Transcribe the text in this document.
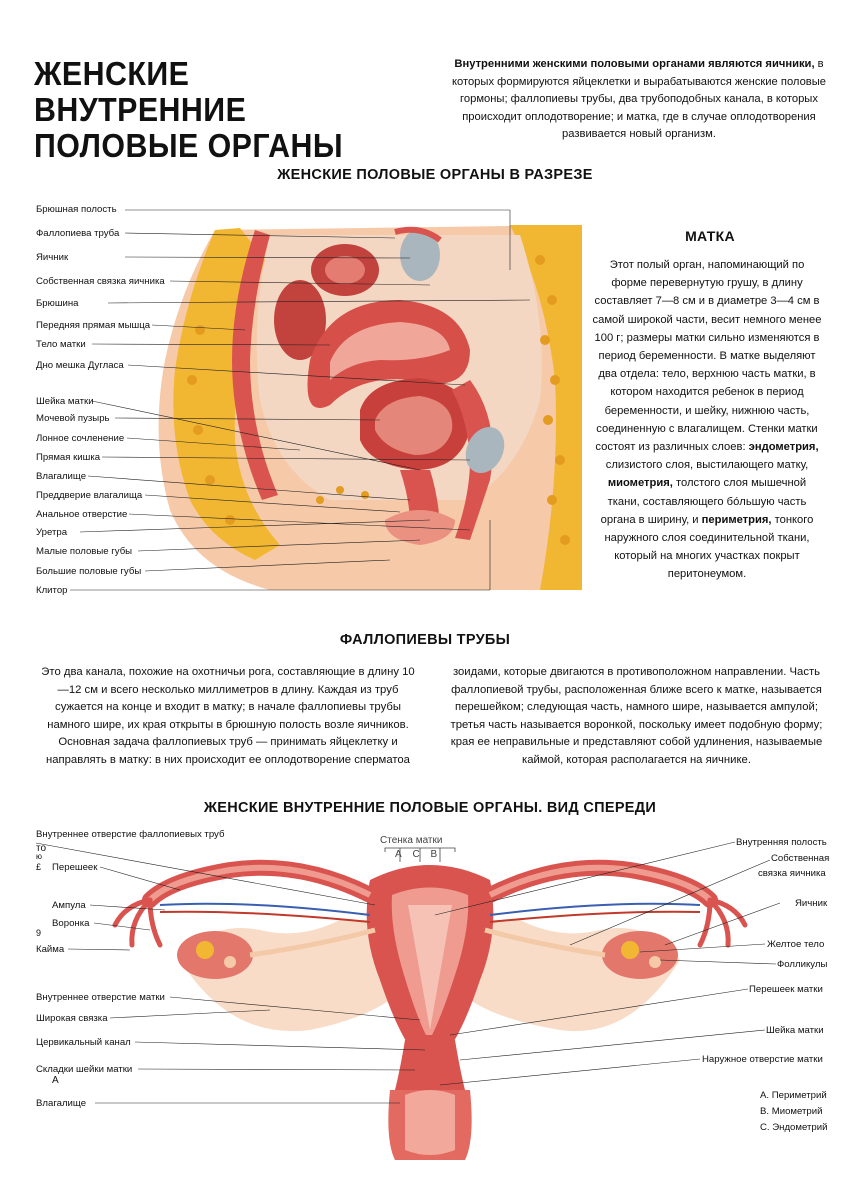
ЖЕНСКИЕ ВНУТРЕННИЕ
ПОЛОВЫЕ ОРГАНЫ
Внутренними женскими половыми органами являются яичники, в которых формируются яйцеклетки и вырабатываются женские половые гормоны; фаллопиевы трубы, два трубоподобных канала, в которых происходит оплодотворение; и матка, где в случае оплодотворения развивается новый организм.
ЖЕНСКИЕ ПОЛОВЫЕ ОРГАНЫ В РАЗРЕЗЕ
Брюшная полость
Фаллопиева труба
Яичник
Собственная связка яичника
Брюшина
Передняя прямая мышца
Тело матки
Дно мешка Дугласа
Шейка матки
Мочевой пузырь
Лонное сочленение
Прямая кишка
Влагалище
Преддверие влагалища
Анальное отверстие
Уретра
Малые половые губы
Большие половые губы
Клитор
МАТКА
Этот полый орган, напоминающий по форме перевернутую грушу, в длину составляет 7—8 см и в диаметре 3—4 см в самой широкой части, весит немного менее 100 г; размеры матки сильно изменяются в период беременности. В матке выделяют два отдела: тело, верхнюю часть матки, в котором находится ребенок в период беременности, и шейку, нижнюю часть, соединенную с влагалищем. Стенки матки состоят из различных слоев: эндометрия, слизистого слоя, выстилающего матку, миометрия, толстого слоя мышечной ткани, составляющего бóльшую часть органа в ширину, и периметрия, тонкого наружного слоя соединительной ткани, который на многих участках покрыт перитонеумом.
ФАЛЛОПИЕВЫ ТРУБЫ
Это два канала, похожие на охотничьи рога, составляющие в длину 10—12 см и всего несколько миллиметров в длину. Каждая из труб сужается на конце и входит в матку; в начале фаллопиевы трубы намного шире, их края открыты в брюшную полость возле яичников. Основная задача фаллопиевых труб — принимать яйцеклетку и направлять в матку: в них происходит ее оплодотворение сперматоa
зоидами, которые двигаются в противоположном направлении. Часть фаллопиевой трубы, расположенная ближе всего к матке, называется перешейком; следующая часть, намного шире, называется ампулой; третья часть называется воронкой, поскольку имеет подобную форму; края ее неправильные и представляют собой удлинения, называемые каймой, которая располагается на яичнике.
ЖЕНСКИЕ ВНУТРЕННИЕ ПОЛОВЫЕ ОРГАНЫ. ВИД СПЕРЕДИ
Стенка матки
А С В
Внутреннее отверстие фаллопиевых труб
то
ю
£ Перешеек
Ампула
Воронка
9
Кайма
Внутреннее отверстие матки
Широкая связка
Цервикальный канал
Складки шейки матки
А
Влагалище
Внутренняя полость
Собственная
связка яичника
Яичник
Желтое тело
Фолликулы
Перешеек матки
Шейка матки
Наружное отверстие матки
А. Периметрий
В. Миометрий
С. Эндометрий
